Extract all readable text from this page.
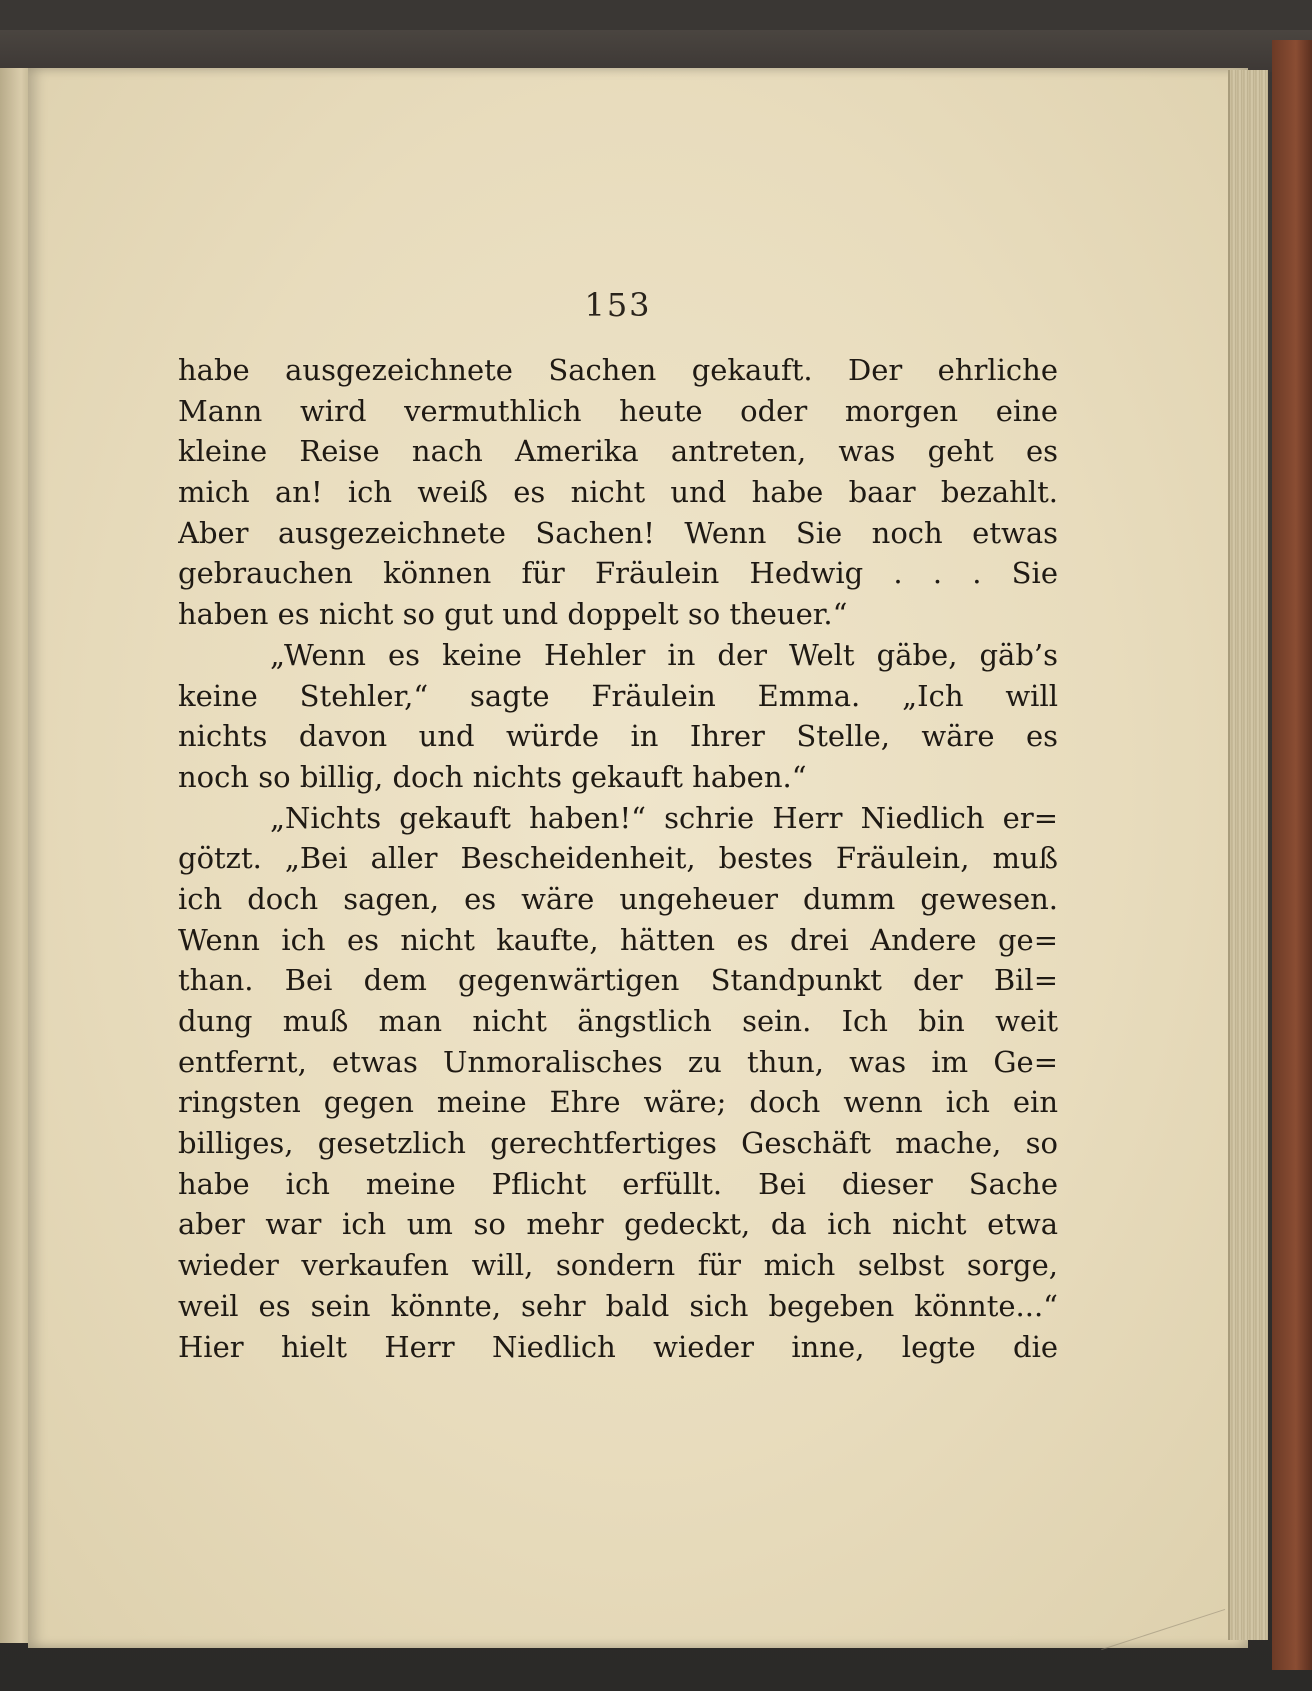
153
habe ausgezeichnete Sachen gekauft. Der ehrliche
Mann wird vermuthlich heute oder morgen eine
kleine Reise nach Amerika antreten, was geht es
mich an! ich weiß es nicht und habe baar bezahlt.
Aber ausgezeichnete Sachen! Wenn Sie noch etwas
gebrauchen können für Fräulein Hedwig . . . Sie
haben es nicht so gut und doppelt so theuer.“
„Wenn es keine Hehler in der Welt gäbe, gäb’s
keine Stehler,“ sagte Fräulein Emma. „Ich will
nichts davon und würde in Ihrer Stelle, wäre es
noch so billig, doch nichts gekauft haben.“
„Nichts gekauft haben!“ schrie Herr Niedlich er=
götzt. „Bei aller Bescheidenheit, bestes Fräulein, muß
ich doch sagen, es wäre ungeheuer dumm gewesen.
Wenn ich es nicht kaufte, hätten es drei Andere ge=
than. Bei dem gegenwärtigen Standpunkt der Bil=
dung muß man nicht ängstlich sein. Ich bin weit
entfernt, etwas Unmoralisches zu thun, was im Ge=
ringsten gegen meine Ehre wäre; doch wenn ich ein
billiges, gesetzlich gerechtfertiges Geschäft mache, so
habe ich meine Pflicht erfüllt. Bei dieser Sache
aber war ich um so mehr gedeckt, da ich nicht etwa
wieder verkaufen will, sondern für mich selbst sorge,
weil es sein könnte, sehr bald sich begeben könnte...“
Hier hielt Herr Niedlich wieder inne, legte die
